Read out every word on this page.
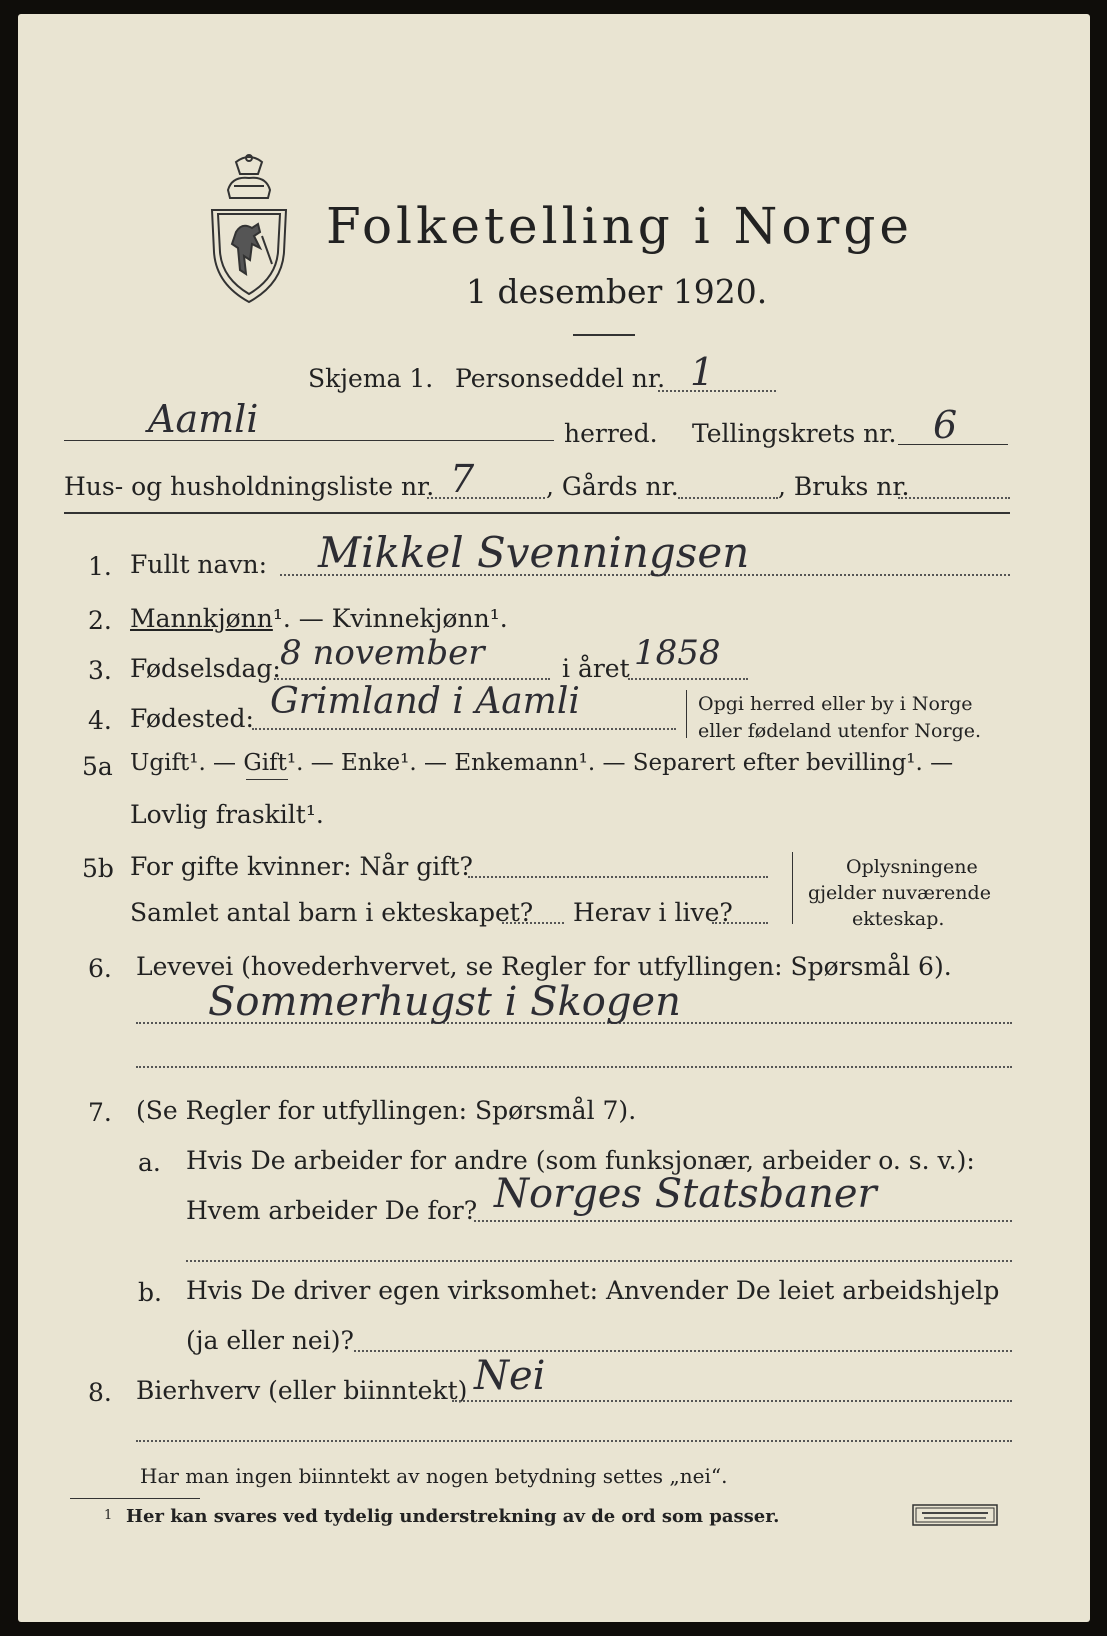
Folketelling i Norge
1 desember 1920.
Skjema 1. Personseddel nr. 1
Aamli	herred. Tellingskrets nr. 6
Hus- og husholdningsliste nr. 7	, Gårds nr.	, Bruks nr.
1. Fullt navn: Mikkel Svenningsen
2. Mannkjønn¹. — Kvinnekjønn¹.
3. Fødselsdag: 8 november	i året 1858
4. Fødested: Grimland i Aamli	Opgi herred eller by i Norge
eller fødeland utenfor Norge.
5a Ugift¹. — Gift¹. — Enke¹. — Enkemann¹. — Separert efter bevilling¹. —
Lovlig fraskilt¹.
5b For gifte kvinner: Når gift?
Samlet antal barn i ekteskapet? Herav i live?
Oplysningene
gjelder nuværende
ekteskap.
6. Levevei (hovederhvervet, se Regler for utfyllingen: Spørsmål 6).
Sommerhugst i Skogen
7. (Se Regler for utfyllingen: Spørsmål 7).
a. Hvis De arbeider for andre (som funksjonær, arbeider o. s. v.):
Hvem arbeider De for? Norges Statsbaner
b. Hvis De driver egen virksomhet: Anvender De leiet arbeidshjelp
(ja eller nei)?
8. Bierhverv (eller biinntekt) Nei
Har man ingen biinntekt av nogen betydning settes „nei“.
1 Her kan svares ved tydelig understrekning av de ord som passer.
